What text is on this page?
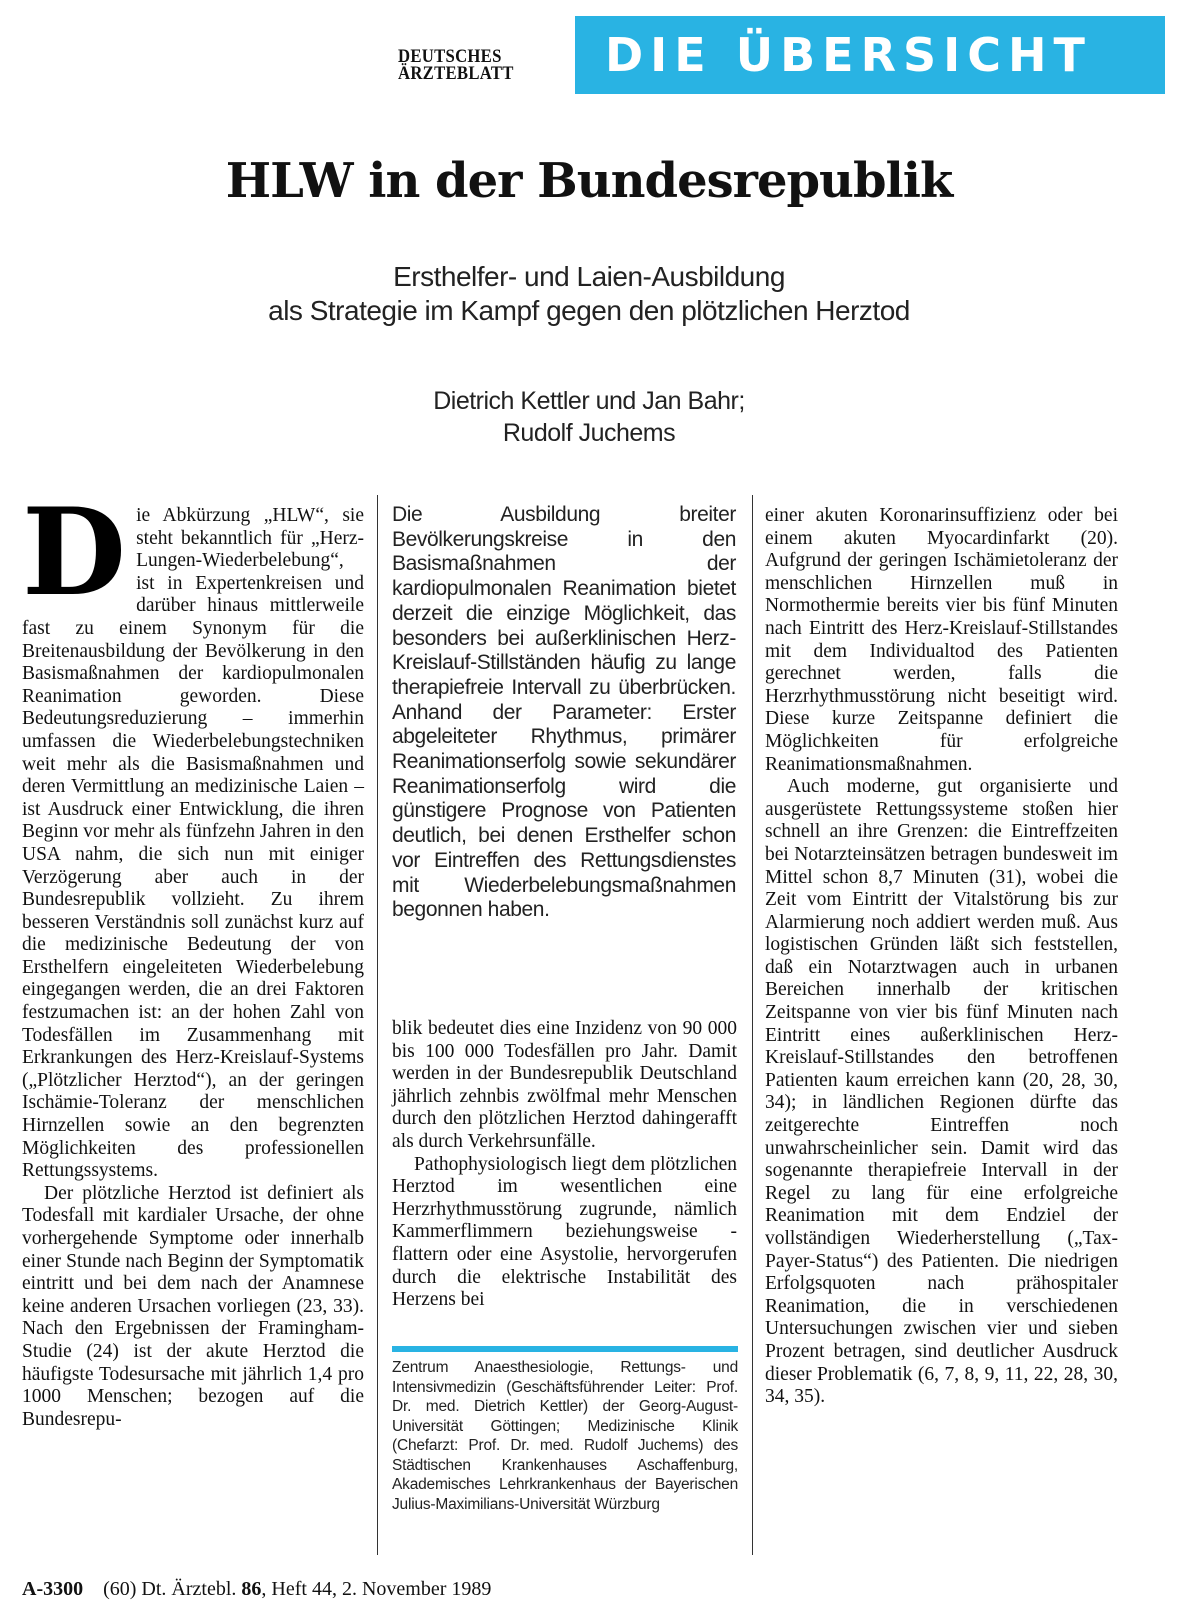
DEUTSCHES
ÄRZTEBLATT	DIE ÜBERSICHT
HLW in der Bundesrepublik
Ersthelfer- und Laien-Ausbildung
als Strategie im Kampf gegen den plötzlichen Herztod
Dietrich Kettler und Jan Bahr;
Rudolf Juchems

Die Abkürzung „HLW“, sie steht bekanntlich für „Herz-Lungen-Wiederbelebung“, ist in Expertenkreisen und darüber hinaus mittlerweile fast zu einem Synonym für die Breitenausbildung der Bevölkerung in den Basismaßnahmen der kardiopulmonalen Reanimation geworden. Diese Bedeutungsreduzierung – immerhin umfassen die Wiederbelebungstechniken weit mehr als die Basismaßnahmen und deren Vermittlung an medizinische Laien – ist Ausdruck einer Entwicklung, die ihren Beginn vor mehr als fünfzehn Jahren in den USA nahm, die sich nun mit einiger Verzögerung aber auch in der Bundesrepublik vollzieht. Zu ihrem besseren Verständnis soll zunächst kurz auf die medizinische Bedeutung der von Ersthelfern eingeleiteten Wiederbelebung eingegangen werden, die an drei Faktoren festzumachen ist: an der hohen Zahl von Todesfällen im Zusammenhang mit Erkrankungen des Herz-Kreislauf-Systems („Plötzlicher Herztod“), an der geringen Ischämie-Toleranz der menschlichen Hirnzellen sowie an den begrenzten Möglichkeiten des professionellen Rettungssystems.

Der plötzliche Herztod ist definiert als Todesfall mit kardialer Ursache, der ohne vorhergehende Symptome oder innerhalb einer Stunde nach Beginn der Symptomatik eintritt und bei dem nach der Anamnese keine anderen Ursachen vorliegen (23, 33). Nach den Ergebnissen der Framingham-Studie (24) ist der akute Herztod die häufigste Todesursache mit jährlich 1,4 pro 1000 Menschen; bezogen auf die Bundesrepu-

Die Ausbildung breiter Bevölkerungskreise in den Basismaßnahmen der kardiopulmonalen Reanimation bietet derzeit die einzige Möglichkeit, das besonders bei außerklinischen Herz-Kreislauf-Stillständen häufig zu lange therapiefreie Intervall zu überbrücken. Anhand der Parameter: Erster abgeleiteter Rhythmus, primärer Reanimationserfolg sowie sekundärer Reanimationserfolg wird die günstigere Prognose von Patienten deutlich, bei denen Ersthelfer schon vor Eintreffen des Rettungsdienstes mit Wiederbelebungsmaßnahmen begonnen haben.

blik bedeutet dies eine Inzidenz von 90 000 bis 100 000 Todesfällen pro Jahr. Damit werden in der Bundesrepublik Deutschland jährlich zehnbis zwölfmal mehr Menschen durch den plötzlichen Herztod dahingerafft als durch Verkehrsunfälle.

Pathophysiologisch liegt dem plötzlichen Herztod im wesentlichen eine Herzrhythmusstörung zugrunde, nämlich Kammerflimmern beziehungsweise -flattern oder eine Asystolie, hervorgerufen durch die elektrische Instabilität des Herzens bei

Zentrum Anaesthesiologie, Rettungs- und Intensivmedizin (Geschäftsführender Leiter: Prof. Dr. med. Dietrich Kettler) der Georg-August-Universität Göttingen; Medizinische Klinik (Chefarzt: Prof. Dr. med. Rudolf Juchems) des Städtischen Krankenhauses Aschaffenburg, Akademisches Lehrkrankenhaus der Bayerischen Julius-Maximilians-Universität Würzburg

einer akuten Koronarinsuffizienz oder bei einem akuten Myocardinfarkt (20). Aufgrund der geringen Ischämietoleranz der menschlichen Hirnzellen muß in Normothermie bereits vier bis fünf Minuten nach Eintritt des Herz-Kreislauf-Stillstandes mit dem Individualtod des Patienten gerechnet werden, falls die Herzrhythmusstörung nicht beseitigt wird. Diese kurze Zeitspanne definiert die Möglichkeiten für erfolgreiche Reanimationsmaßnahmen.

Auch moderne, gut organisierte und ausgerüstete Rettungssysteme stoßen hier schnell an ihre Grenzen: die Eintreffzeiten bei Notarzteinsätzen betragen bundesweit im Mittel schon 8,7 Minuten (31), wobei die Zeit vom Eintritt der Vitalstörung bis zur Alarmierung noch addiert werden muß. Aus logistischen Gründen läßt sich feststellen, daß ein Notarztwagen auch in urbanen Bereichen innerhalb der kritischen Zeitspanne von vier bis fünf Minuten nach Eintritt eines außerklinischen Herz-Kreislauf-Stillstandes den betroffenen Patienten kaum erreichen kann (20, 28, 30, 34); in ländlichen Regionen dürfte das zeitgerechte Eintreffen noch unwahrscheinlicher sein. Damit wird das sogenannte therapiefreie Intervall in der Regel zu lang für eine erfolgreiche Reanimation mit dem Endziel der vollständigen Wiederherstellung („Tax-Payer-Status“) des Patienten. Die niedrigen Erfolgsquoten nach prähospitaler Reanimation, die in verschiedenen Untersuchungen zwischen vier und sieben Prozent betragen, sind deutlicher Ausdruck dieser Problematik (6, 7, 8, 9, 11, 22, 28, 30, 34, 35).

A-3300 (60) Dt. Ärztebl. 86, Heft 44, 2. November 1989
